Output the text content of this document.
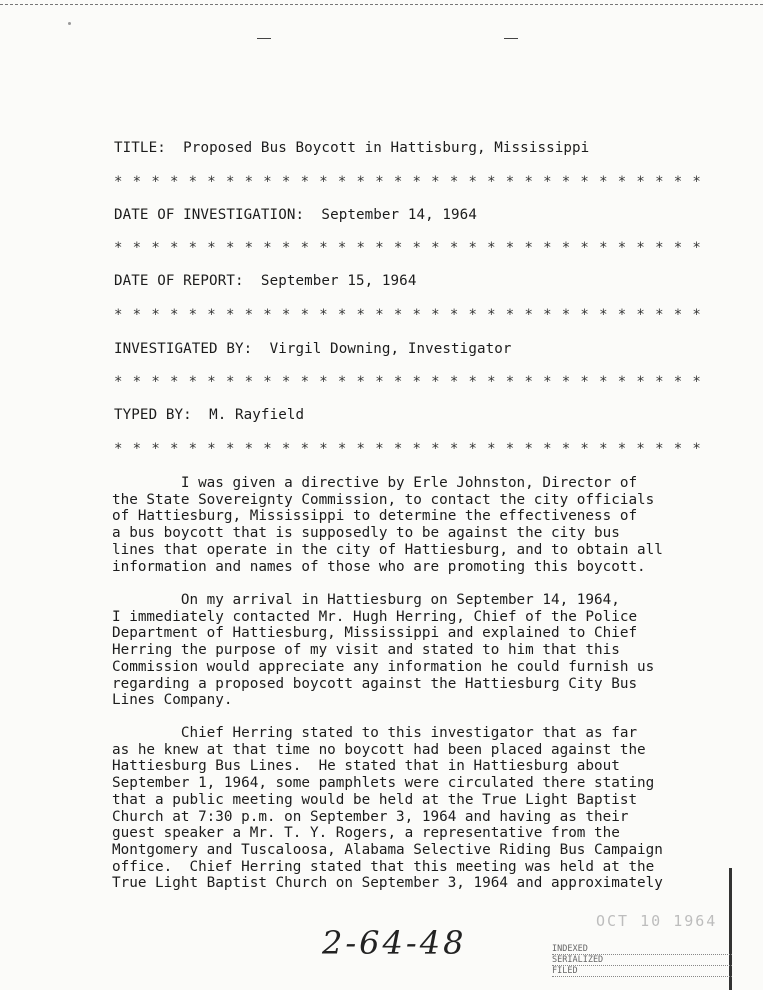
TITLE: Proposed Bus Boycott in Hattisburg, Mississippi
* * * * * * * * * * * * * * * * * * * * * * * * * * * * * * * *
DATE OF INVESTIGATION: September 14, 1964
* * * * * * * * * * * * * * * * * * * * * * * * * * * * * * * *
DATE OF REPORT: September 15, 1964
* * * * * * * * * * * * * * * * * * * * * * * * * * * * * * * *
INVESTIGATED BY: Virgil Downing, Investigator
* * * * * * * * * * * * * * * * * * * * * * * * * * * * * * * *
TYPED BY: M. Rayfield
* * * * * * * * * * * * * * * * * * * * * * * * * * * * * * * *

I was given a directive by Erle Johnston, Director of

the State Sovereignty Commission, to contact the city officials

of Hattiesburg, Mississippi to determine the effectiveness of

a bus boycott that is supposedly to be against the city bus

lines that operate in the city of Hattiesburg, and to obtain all

information and names of those who are promoting this boycott.

On my arrival in Hattiesburg on September 14, 1964,

I immediately contacted Mr. Hugh Herring, Chief of the Police

Department of Hattiesburg, Mississippi and explained to Chief

Herring the purpose of my visit and stated to him that this

Commission would appreciate any information he could furnish us

regarding a proposed boycott against the Hattiesburg City Bus

Lines Company.

Chief Herring stated to this investigator that as far

as he knew at that time no boycott had been placed against the

Hattiesburg Bus Lines.  He stated that in Hattiesburg about

September 1, 1964, some pamphlets were circulated there stating

that a public meeting would be held at the True Light Baptist

Church at 7:30 p.m. on September 3, 1964 and having as their

guest speaker a Mr. T. Y. Rogers, a representative from the

Montgomery and Tuscaloosa, Alabama Selective Riding Bus Campaign

office.  Chief Herring stated that this meeting was held at the

True Light Baptist Church on September 3, 1964 and approximately

OCT 10 1964
2-64-48	INDEXED
SERIALIZED
FILED
